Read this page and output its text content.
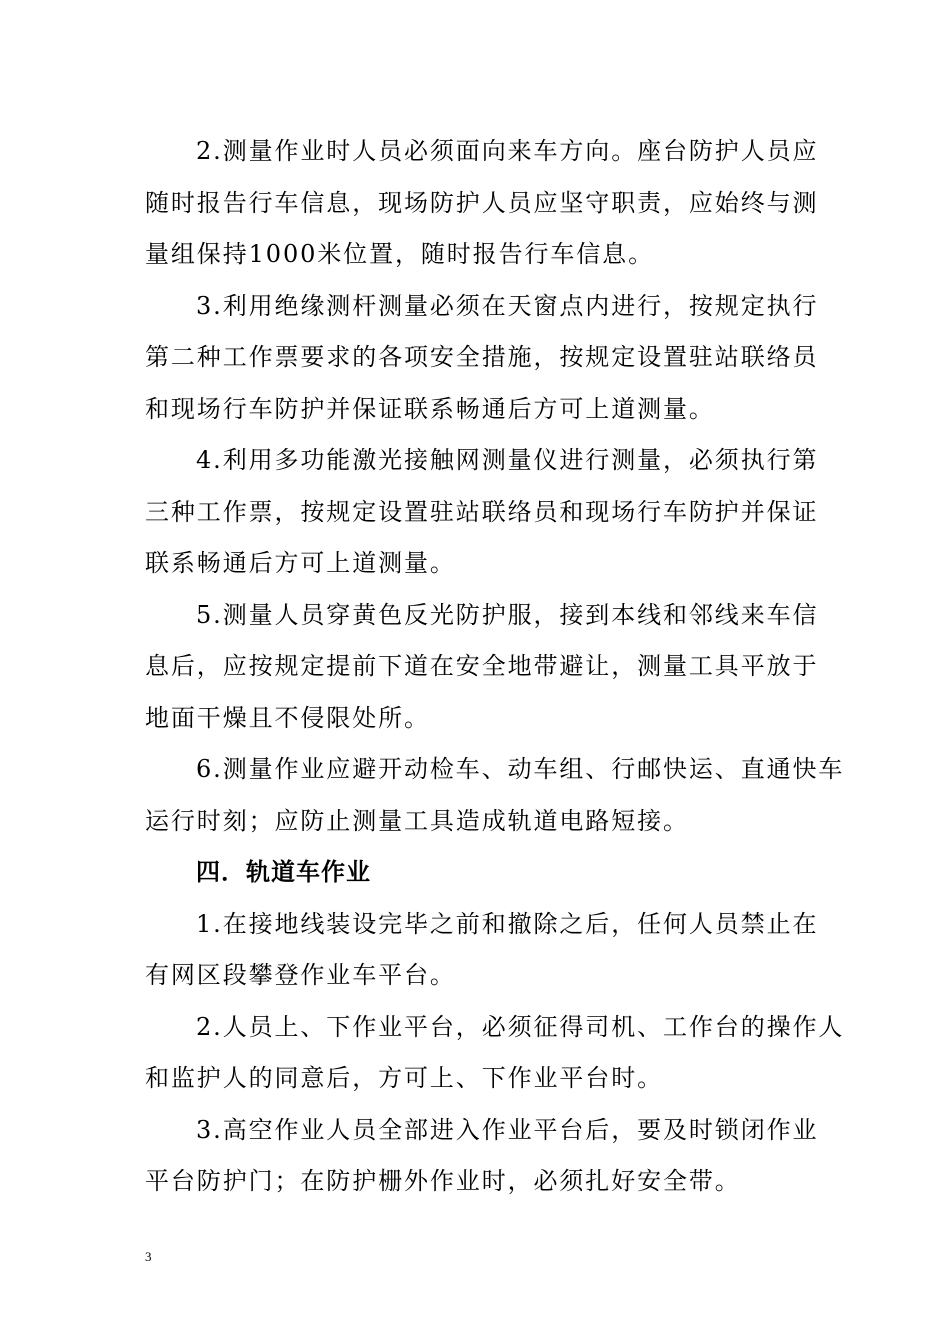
2.测量作业时人员必须面向来车方向。座台防护人员应
随时报告行车信息，现场防护人员应坚守职责，应始终与测
量组保持1000米位置，随时报告行车信息。
3.利用绝缘测杆测量必须在天窗点内进行，按规定执行
第二种工作票要求的各项安全措施，按规定设置驻站联络员
和现场行车防护并保证联系畅通后方可上道测量。
4.利用多功能激光接触网测量仪进行测量，必须执行第
三种工作票，按规定设置驻站联络员和现场行车防护并保证
联系畅通后方可上道测量。
5.测量人员穿黄色反光防护服，接到本线和邻线来车信
息后，应按规定提前下道在安全地带避让，测量工具平放于
地面干燥且不侵限处所。
6.测量作业应避开动检车、动车组、行邮快运、直通快车
运行时刻；应防止测量工具造成轨道电路短接。
四．轨道车作业
1.在接地线装设完毕之前和撤除之后，任何人员禁止在
有网区段攀登作业车平台。
2.人员上、下作业平台，必须征得司机、工作台的操作人
和监护人的同意后，方可上、下作业平台时。
3.高空作业人员全部进入作业平台后，要及时锁闭作业
平台防护门；在防护栅外作业时，必须扎好安全带。
3
